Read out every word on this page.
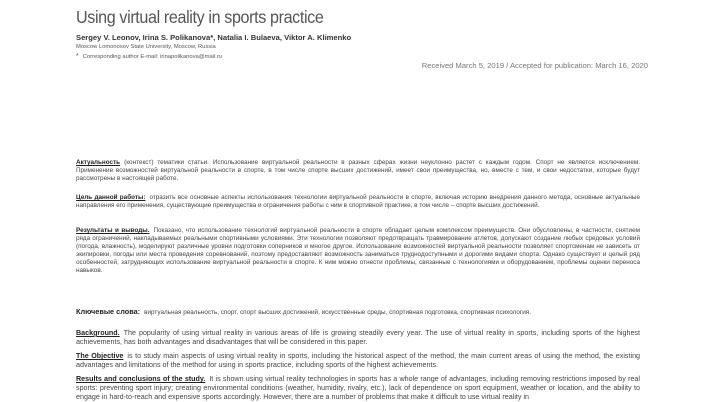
Using virtual reality in sports practice
Sergey V. Leonov, Irina S. Polikanova*, Natalia I. Bulaeva, Viktor A. Klimenko
Moscow Lomonosov State University, Moscow, Russia
* Corresponding author E-mail: irinapolikanova@mail.ru
Received March 5, 2019 / Accepted for publication: March 16, 2020

Актуальность (контекст) тематики статьи. Использование виртуальной реальности в разных сферах жизни неуклонно растет с каждым годом. Спорт не является исключением. Применение возможностей виртуальной реальности в спорте, в том числе спорте высших достижений, имеет свои преимущества, но, вместе с тем, и свои недостатки, которые будут рассмотрены в настоящей работе.

Цель данной работы: отразить все основные аспекты использования технологии виртуальной реальности в спорте, включая историю внедрения данного метода, основные актуальные направления его применения, существующие преимущества и ограничения работы с ним в спортивной практике, в том числе – спорте высших достижений.

Результаты и выводы. Показано, что использование технологий виртуальной реальности в спорте обладает целым комплексом преимуществ. Они обусловлены, в частности, снятием ряда ограничений, накладываемых реальными спортивными условиями. Эти технологии позволяют предотвращать травмирование атлетов, допускают создание любых средовых условий (погода, влажность), моделируют различные уровни подготовки соперников и многое другое. Использование возможностей виртуальной реальности позволяет спортсменам не зависеть от экипировки, погоды или места проведения соревнований, поэтому предоставляют возможность заниматься труднодоступными и дорогими видами спорта. Однако существует и целый ряд особенностей, затрудняющих использование виртуальной реальности в спорте. К ним можно отнести проблемы, связанные с технологиями и оборудованием, проблемы оценки переноса навыков.

Ключевые слова: виртуальная реальность, спорт, спорт высших достижений, искусственные среды, спортивная подготовка, спортивная психология.

Background. The popularity of using virtual reality in various areas of life is growing steadily every year. The use of virtual reality in sports, including sports of the highest achievements, has both advantages and disadvantages that will be considered in this paper.

The Objective is to study main aspects of using virtual reality in sports, including the historical aspect of the method, the main current areas of using the method, the existing advantages and limitations of the method for using in sports practice, including sports of the highest achievements.

Results and conclusions of the study. It is shown using virtual reality technologies in sports has a whole range of advantages, including removing restrictions imposed by real sports: preventing sport injury; creating environmental conditions (weather, humidity, rivalry, etc.), lack of dependence on sport equipment, weather or location, and the ability to engage in hard-to-reach and expensive sports accordingly. However, there are a number of problems that make it difficult to use virtual reality in
